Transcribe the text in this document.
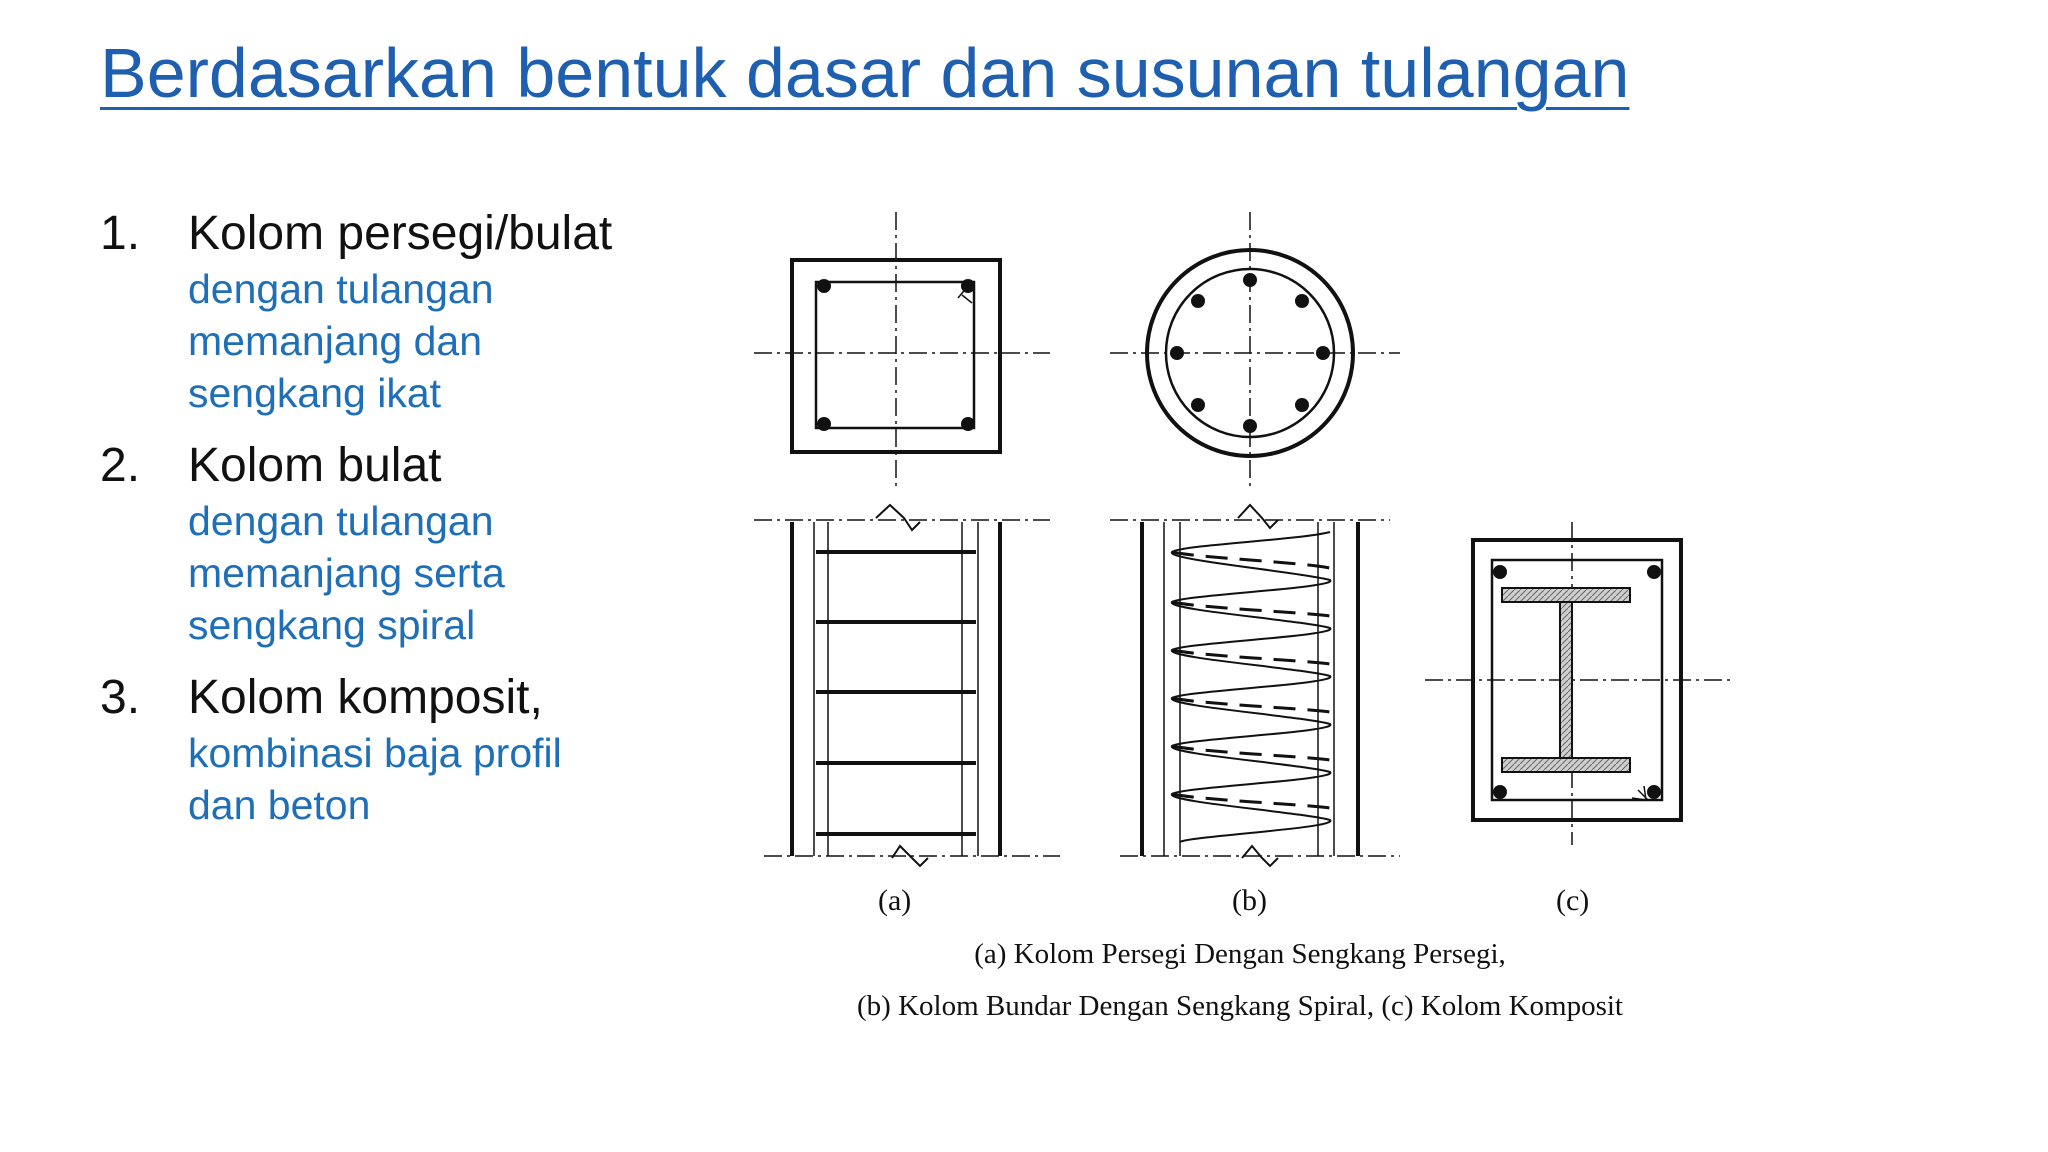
Berdasarkan bentuk dasar dan susunan tulangan
1. Kolom persegi/bulat
dengan tulangan memanjang dan sengkang ikat
2. Kolom bulat
dengan tulangan memanjang serta sengkang spiral
3. Kolom komposit,
kombinasi baja profil dan beton
(a)	(b)	(c)
(a) Kolom Persegi Dengan Sengkang Persegi,
(b) Kolom Bundar Dengan Sengkang Spiral, (c) Kolom Komposit
